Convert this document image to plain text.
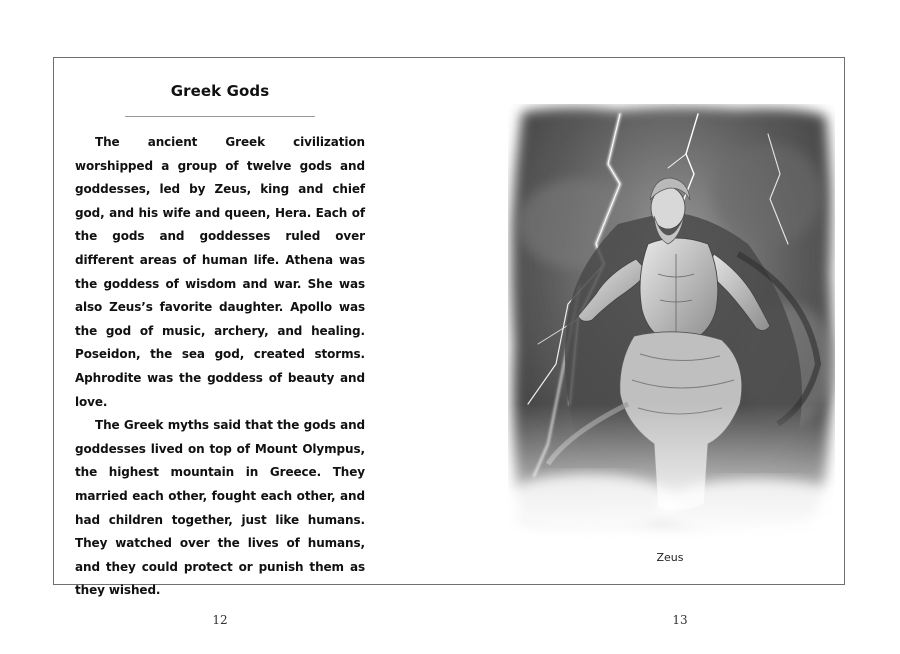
Greek Gods

The ancient Greek civilization worshipped a group of twelve gods and goddesses, led by Zeus, king and chief god, and his wife and queen, Hera. Each of the gods and goddesses ruled over different areas of human life. Athena was the goddess of wisdom and war. She was also Zeus’s favorite daughter. Apollo was the god of music, archery, and healing. Poseidon, the sea god, created storms. Aphrodite was the goddess of beauty and love.

The Greek myths said that the gods and goddesses lived on top of Mount Olympus, the highest mountain in Greece. They married each other, fought each other, and had children together, just like humans. They watched over the lives of humans, and they could protect or punish them as they wished.

Zeus
12	13
